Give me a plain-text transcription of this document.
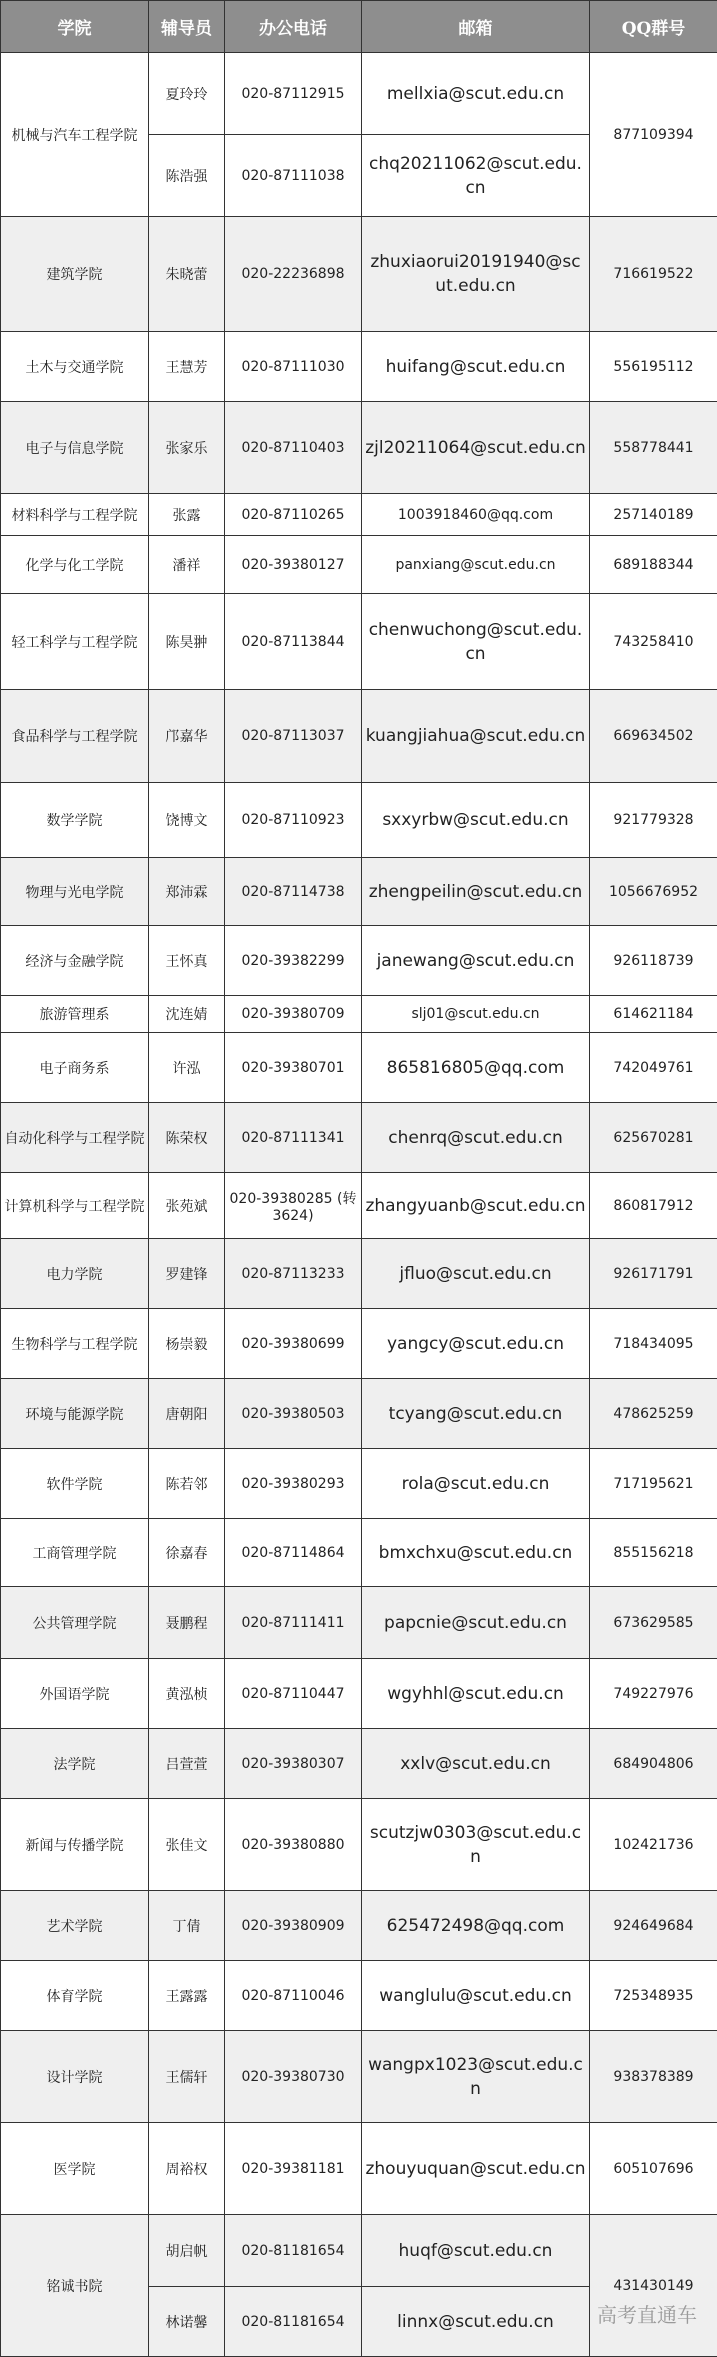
学院	辅导员	办公电话	邮箱	QQ群号
机械与汽车工程学院	夏玲玲	020-87112915	mellxia@scut.edu.cn	877109394
	陈浩强	020-87111038	chq20211062@scut.edu.cn	
建筑学院	朱晓蕾	020-22236898	zhuxiaorui20191940@scut.edu.cn	716619522
土木与交通学院	王慧芳	020-87111030	huifang@scut.edu.cn	556195112
电子与信息学院	张家乐	020-87110403	zjl20211064@scut.edu.cn	558778441
材料科学与工程学院	张露	020-87110265	1003918460@qq.com	257140189
化学与化工学院	潘祥	020-39380127	panxiang@scut.edu.cn	689188344
轻工科学与工程学院	陈昊翀	020-87113844	chenwuchong@scut.edu.cn	743258410
食品科学与工程学院	邝嘉华	020-87113037	kuangjiahua@scut.edu.cn	669634502
数学学院	饶博文	020-87110923	sxxyrbw@scut.edu.cn	921779328
物理与光电学院	郑沛霖	020-87114738	zhengpeilin@scut.edu.cn	1056676952
经济与金融学院	王怀真	020-39382299	janewang@scut.edu.cn	926118739
旅游管理系	沈连婧	020-39380709	slj01@scut.edu.cn	614621184
电子商务系	许泓	020-39380701	865816805@qq.com	742049761
自动化科学与工程学院	陈荣权	020-87111341	chenrq@scut.edu.cn	625670281
计算机科学与工程学院	张苑斌	020-39380285 (转3624)	zhangyuanb@scut.edu.cn	860817912
电力学院	罗建锋	020-87113233	jfluo@scut.edu.cn	926171791
生物科学与工程学院	杨崇毅	020-39380699	yangcy@scut.edu.cn	718434095
环境与能源学院	唐朝阳	020-39380503	tcyang@scut.edu.cn	478625259
软件学院	陈若邻	020-39380293	rola@scut.edu.cn	717195621
工商管理学院	徐嘉春	020-87114864	bmxchxu@scut.edu.cn	855156218
公共管理学院	聂鹏程	020-87111411	papcnie@scut.edu.cn	673629585
外国语学院	黄泓桢	020-87110447	wgyhhl@scut.edu.cn	749227976
法学院	吕萱萱	020-39380307	xxlv@scut.edu.cn	684904806
新闻与传播学院	张佳文	020-39380880	scutzjw0303@scut.edu.cn	102421736
艺术学院	丁倩	020-39380909	625472498@qq.com	924649684
体育学院	王露露	020-87110046	wanglulu@scut.edu.cn	725348935
设计学院	王儒轩	020-39380730	wangpx1023@scut.edu.cn	938378389
医学院	周裕权	020-39381181	zhouyuquan@scut.edu.cn	605107696
铭诚书院	胡启帆	020-81181654	huqf@scut.edu.cn	431430149
	林诺馨	020-81181654	linnx@scut.edu.cn	高考直通车
